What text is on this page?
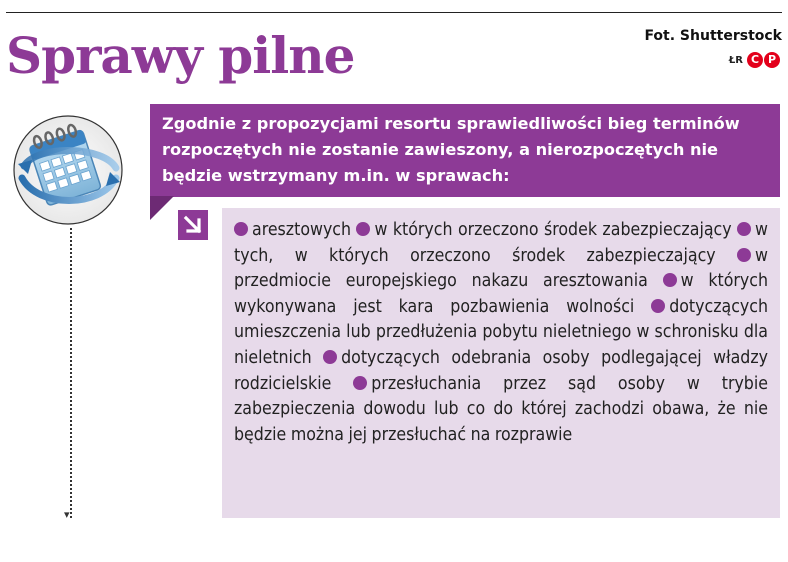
Sprawy pilne	Fot. Shutterstock
ŁR C P
▾
Zgodnie z propozycjami resortu sprawiedliwości bieg terminów rozpoczętych nie zostanie zawieszony, a nierozpoczętych nie będzie wstrzymany m.in. w sprawach:
aresztowych w których orzeczono środek zabezpieczający w tych, w których orzeczono środek zabezpieczający w przedmiocie europejskiego nakazu aresztowania w których wykonywana jest kara pozbawienia wolności dotyczących umieszczenia lub przedłużenia pobytu nieletniego w schronisku dla nieletnich dotyczących odebrania osoby podlegającej władzy rodzicielskie przesłuchania przez sąd osoby w trybie zabezpieczenia dowodu lub co do której zachodzi obawa, że nie będzie można jej przesłuchać na rozprawie
